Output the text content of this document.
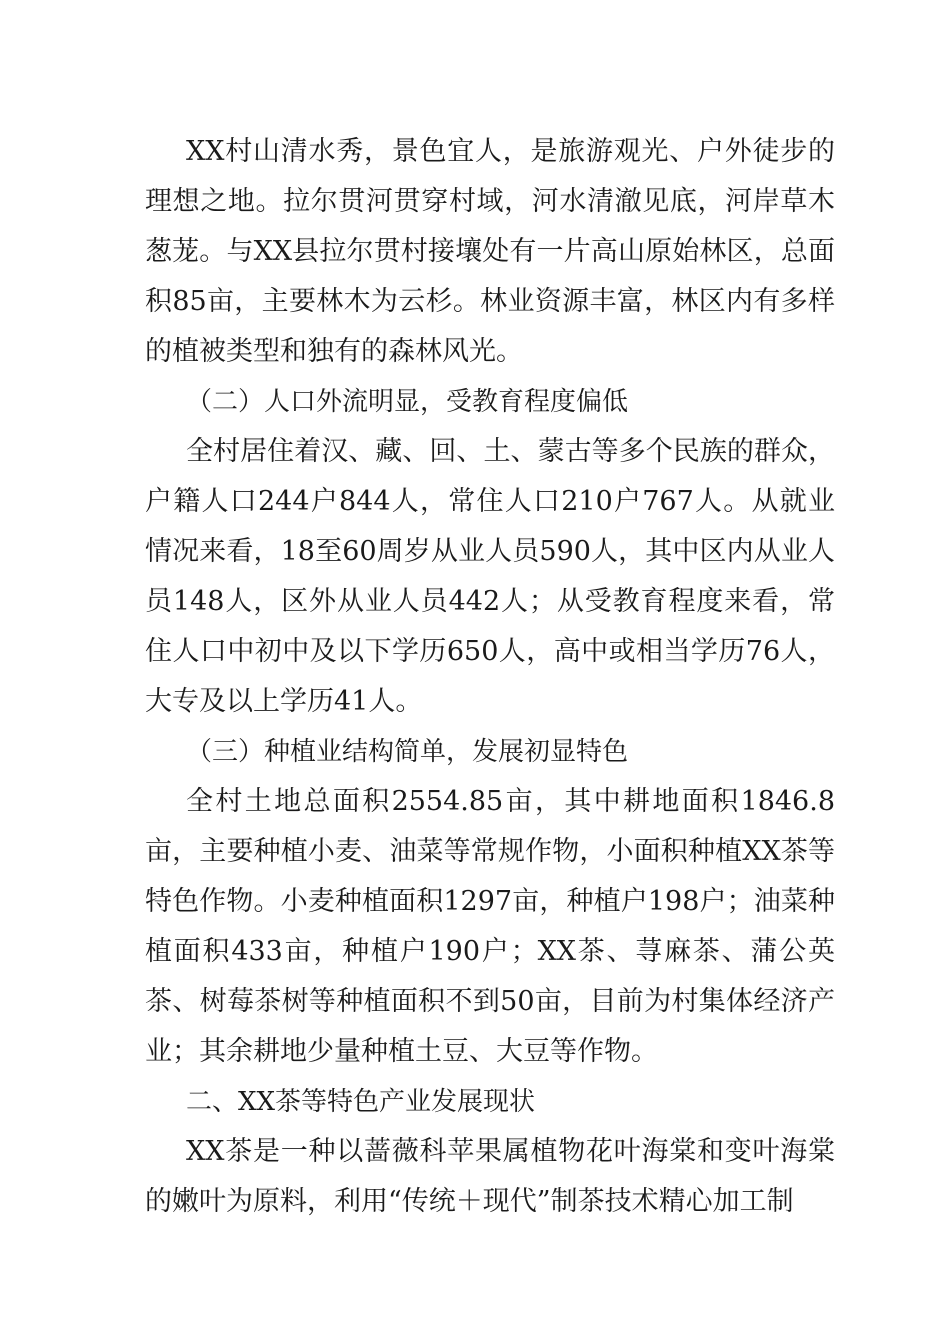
XX村山清水秀，景色宜人，是旅游观光、户外徒步的理想之地。拉尔贯河贯穿村域，河水清澈见底，河岸草木葱茏。与XX县拉尔贯村接壤处有一片高山原始林区，总面积85亩，主要林木为云杉。林业资源丰富，林区内有多样的植被类型和独有的森林风光。

（二）人口外流明显，受教育程度偏低

全村居住着汉、藏、回、土、蒙古等多个民族的群众，户籍人口244户844人，常住人口210户767人。从就业情况来看，18至60周岁从业人员590人，其中区内从业人员148人，区外从业人员442人；从受教育程度来看，常住人口中初中及以下学历650人，高中或相当学历76人，大专及以上学历41人。

（三）种植业结构简单，发展初显特色

全村土地总面积2554.85亩，其中耕地面积1846.8亩，主要种植小麦、油菜等常规作物，小面积种植XX茶等特色作物。小麦种植面积1297亩，种植户198户；油菜种植面积433亩，种植户190户；XX茶、荨麻茶、蒲公英茶、树莓茶树等种植面积不到50亩，目前为村集体经济产业；其余耕地少量种植土豆、大豆等作物。

二、XX茶等特色产业发展现状

XX茶是一种以蔷薇科苹果属植物花叶海棠和变叶海棠的嫩叶为原料，利用“传统＋现代”制茶技术精心加工制
